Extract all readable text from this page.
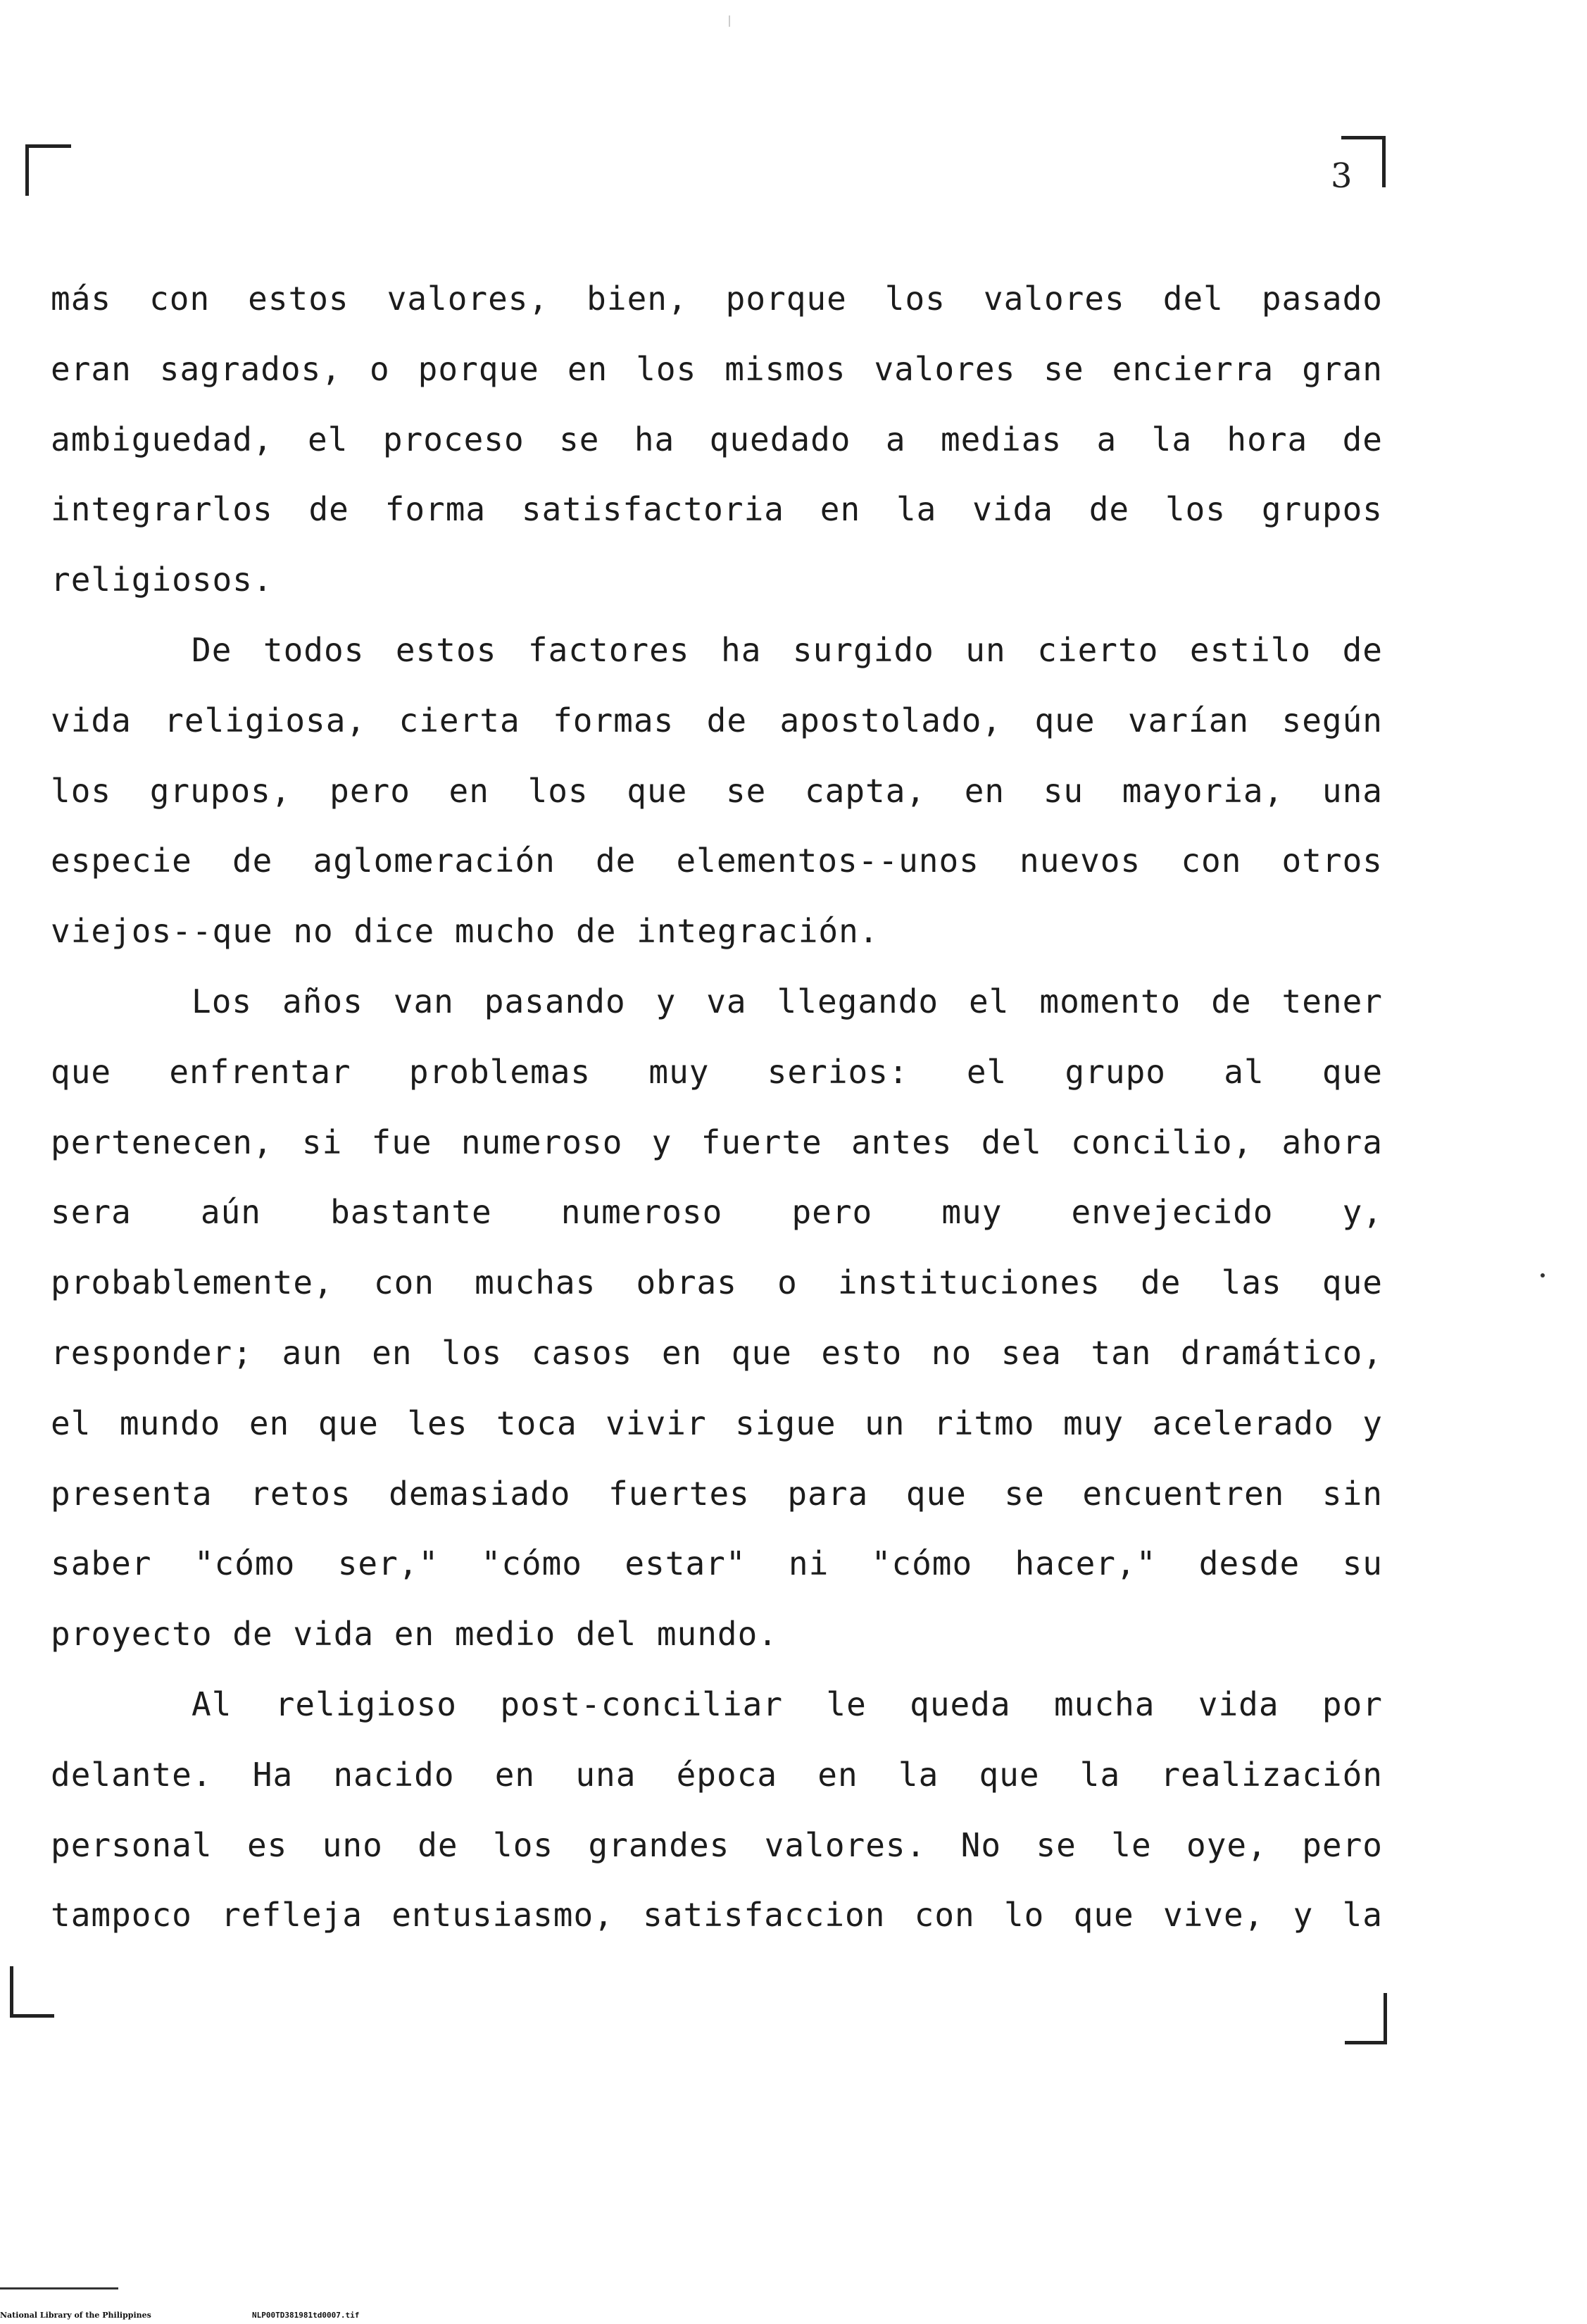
3
más con estos valores, bien, porque los valores del pasado
eran sagrados, o porque en los mismos valores se encierra gran
ambiguedad, el proceso se ha quedado a medias a la hora de
integrarlos de forma satisfactoria en la vida de los grupos
religiosos.
De todos estos factores ha surgido un cierto estilo de
vida religiosa, cierta formas de apostolado, que varían según
los grupos, pero en los que se capta, en su mayoria, una
especie de aglomeración de elementos--unos nuevos con otros
viejos--que no dice mucho de integración.
Los años van pasando y va llegando el momento de tener
que enfrentar problemas muy serios: el grupo al que
pertenecen, si fue numeroso y fuerte antes del concilio, ahora
sera aún bastante numeroso pero muy envejecido y,
probablemente, con muchas obras o instituciones de las que
responder; aun en los casos en que esto no sea tan dramático,
el mundo en que les toca vivir sigue un ritmo muy acelerado y
presenta retos demasiado fuertes para que se encuentren sin
saber "cómo ser," "cómo estar" ni "cómo hacer," desde su
proyecto de vida en medio del mundo.
Al religioso post-conciliar le queda mucha vida por
delante. Ha nacido en una época en la que la realización
personal es uno de los grandes valores. No se le oye, pero
tampoco refleja entusiasmo, satisfaccion con lo que vive, y la
National Library of the Philippines	NLP00TD381981td0007.tif
